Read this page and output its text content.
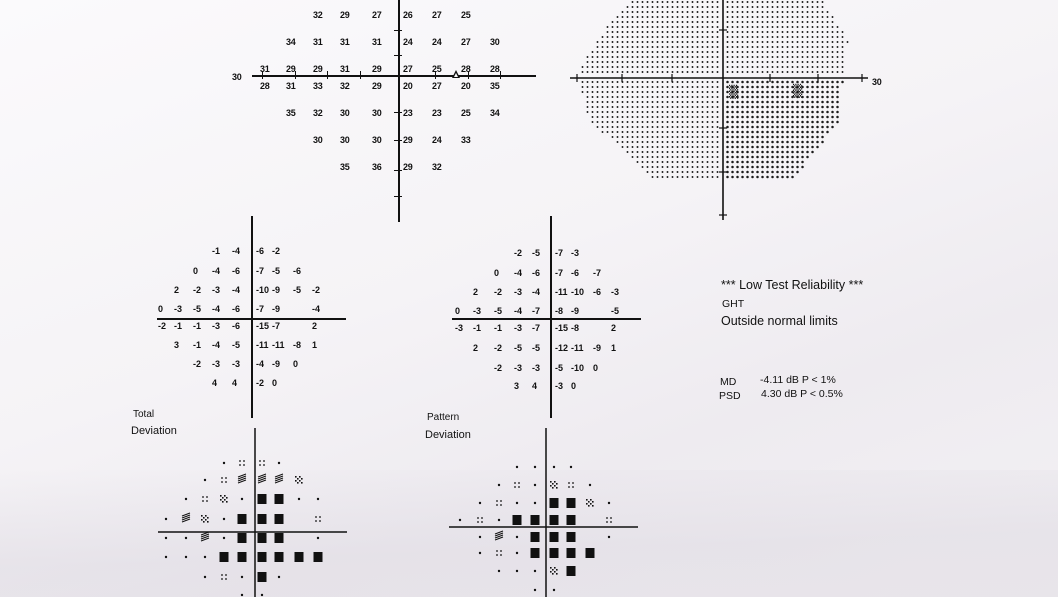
30
32 29 27 26 27 25
34 31 31 31 24 24 27 30
31 29 29 31 29 27 25 28 28
28 31 33 32 29 20 27 20 35
35 32 30 30 23 23 25 34
30 30 30 29 24 33
35 36 29 32
▒	▒
30
-1 -4 -6 -2
0 -4 -6 -7 -5 -6
2 -2 -3 -4 -10 -9 -5 -2
0 -3 -5 -4 -6 -7 -9	-4
-2 -1 -1 -3 -6 -15 -7	2
3 -1 -4 -5 -11 -11 -8 1
-2 -3 -3 -4 -9 0
4 4 -2 0
Total
Deviation
-2 -5 -7 -3
0 -4 -6 -7 -6 -7
2 -2 -3 -4 -11 -10 -6 -3
0 -3 -5 -4 -7 -8 -9	-5
-3 -1 -1 -3 -7 -15 -8	2
2 -2 -5 -5 -12 -11 -9 1
-2 -3 -3 -5 -10 0
3 4 -3 0
Pattern
Deviation
*** Low Test Reliability ***
GHT
Outside normal limits
MD -4.11 dB P < 1%
PSD 4.30 dB P < 0.5%
